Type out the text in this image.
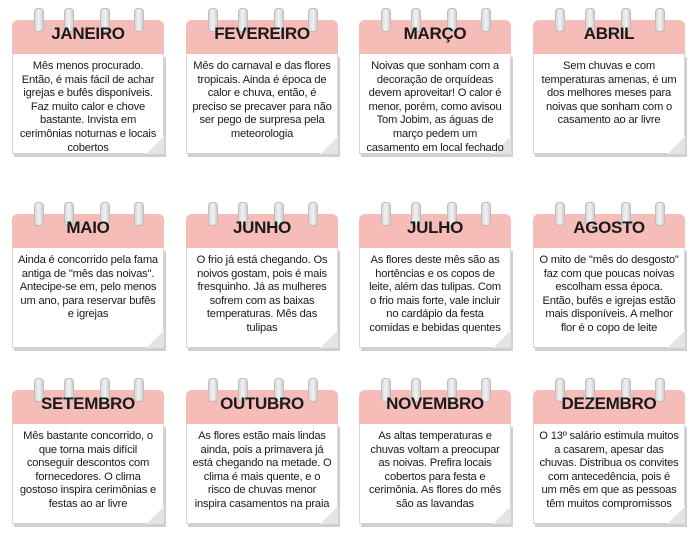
JANEIRO
Mês menos procurado. Então, é mais fácil de achar igrejas e bufês disponíveis. Faz muito calor e chove bastante. Invista em cerimônias noturnas e locais cobertos
FEVEREIRO
Mês do carnaval e das flores tropicais. Ainda é época de calor e chuva, então, é preciso se precaver para não ser pego de surpresa pela meteorologia
MARÇO
Noivas que sonham com a decoração de orquídeas devem aproveitar! O calor é menor, porém, como avisou Tom Jobim, as águas de março pedem um casamento em local fechado
ABRIL
Sem chuvas e com temperaturas amenas, é um dos melhores meses para noivas que sonham com o casamento ao ar livre
MAIO
Ainda é concorrido pela fama antiga de "mês das noivas". Antecipe-se em, pelo menos um ano, para reservar bufês e igrejas
JUNHO
O frio já está chegando. Os noivos gostam, pois é mais fresquinho. Já as mulheres sofrem com as baixas temperaturas. Mês das tulipas
JULHO
As flores deste mês são as hortências e os copos de leite, além das tulipas. Com o frio mais forte, vale incluir no cardápio da festa comidas e bebidas quentes
AGOSTO
O mito de "mês do desgosto" faz com que poucas noivas escolham essa época. Então, bufês e igrejas estão mais disponíveis. A melhor flor é o copo de leite
SETEMBRO
Mês bastante concorrido, o que torna mais difícil conseguir descontos com fornecedores. O clima gostoso inspira cerimônias e festas ao ar livre
OUTUBRO
As flores estão mais lindas ainda, pois a primavera já está chegando na metade. O clima é mais quente, e o risco de chuvas menor inspira casamentos na praia
NOVEMBRO
As altas temperaturas e chuvas voltam a preocupar as noivas. Prefira locais cobertos para festa e cerimônia. As flores do mês são as lavandas
DEZEMBRO
O 13º salário estimula muitos a casarem, apesar das chuvas. Distribua os convites com antecedência, pois é um mês em que as pessoas têm muitos compromissos
